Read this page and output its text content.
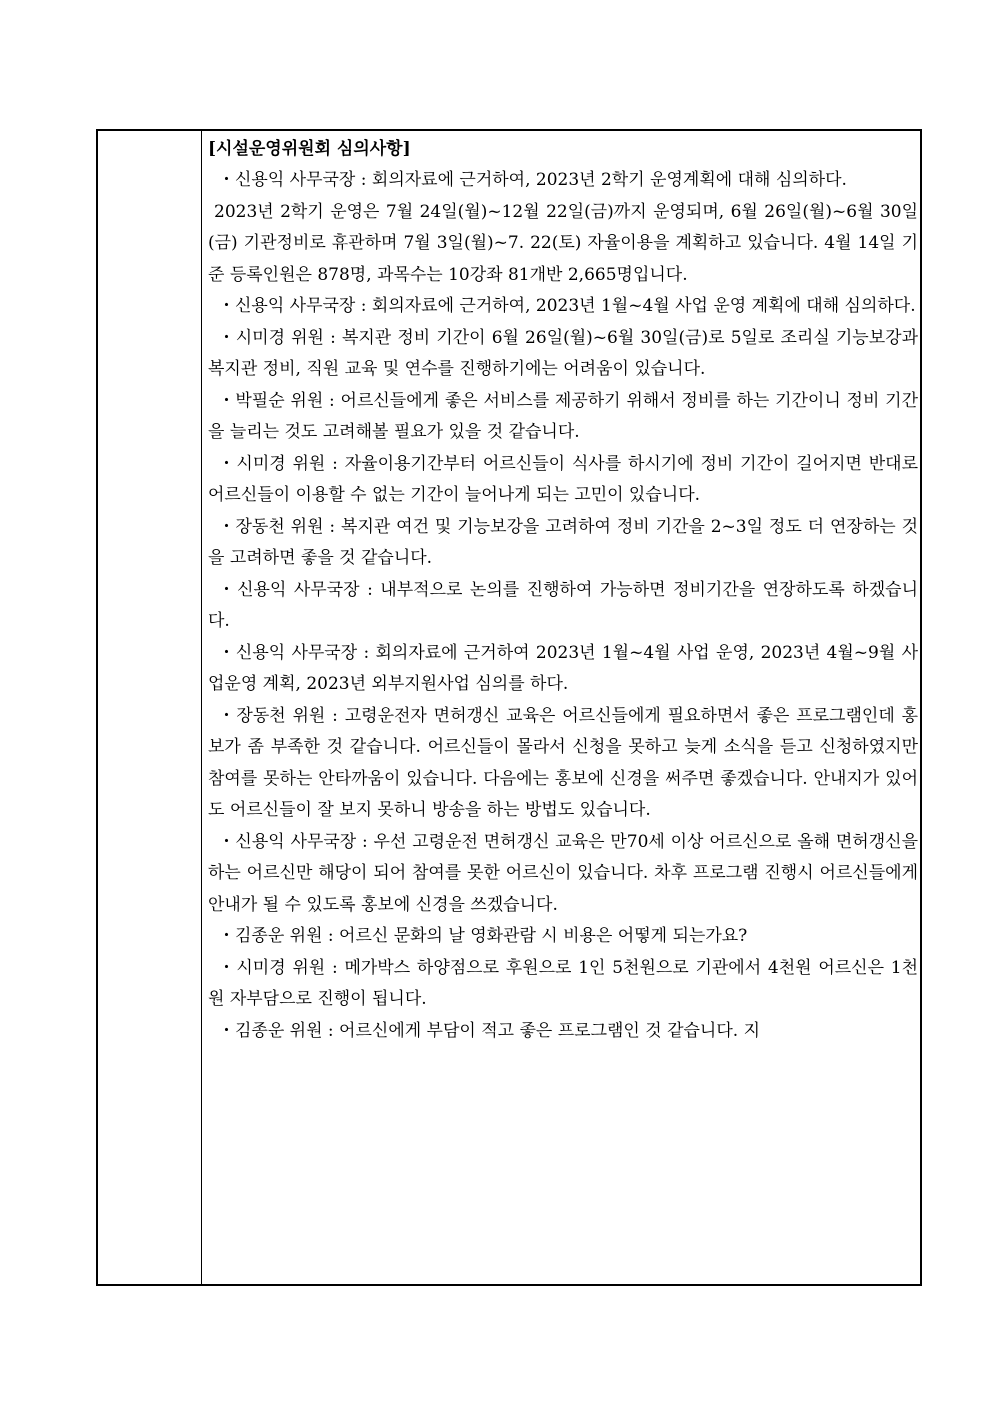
[시설운영위원회 심의사항]

・신용익 사무국장 : 회의자료에 근거하여, 2023년 2학기 운영계획에 대해 심의하다.

2023년 2학기 운영은 7월 24일(월)~12월 22일(금)까지 운영되며, 6월 26일(월)~6월 30일(금) 기관정비로 휴관하며 7월 3일(월)~7. 22(토) 자율이용을 계획하고 있습니다. 4월 14일 기준 등록인원은 878명, 과목수는 10강좌 81개반 2,665명입니다.

・신용익 사무국장 : 회의자료에 근거하여, 2023년 1월~4월 사업 운영 계획에 대해 심의하다.

・시미경 위원 : 복지관 정비 기간이 6월 26일(월)~6월 30일(금)로 5일로 조리실 기능보강과 복지관 정비, 직원 교육 및 연수를 진행하기에는 어려움이 있습니다.

・박필순 위원 : 어르신들에게 좋은 서비스를 제공하기 위해서 정비를 하는 기간이니 정비 기간을 늘리는 것도 고려해볼 필요가 있을 것 같습니다.

・시미경 위원 : 자율이용기간부터 어르신들이 식사를 하시기에 정비 기간이 길어지면 반대로 어르신들이 이용할 수 없는 기간이 늘어나게 되는 고민이 있습니다.

・장동천 위원 : 복지관 여건 및 기능보강을 고려하여 정비 기간을 2~3일 정도 더 연장하는 것을 고려하면 좋을 것 같습니다.

・신용익 사무국장 : 내부적으로 논의를 진행하여 가능하면 정비기간을 연장하도록 하겠습니다.

・신용익 사무국장 : 회의자료에 근거하여 2023년 1월~4월 사업 운영, 2023년 4월~9월 사업운영 계획, 2023년 외부지원사업 심의를 하다.

・장동천 위원 : 고령운전자 면허갱신 교육은 어르신들에게 필요하면서 좋은 프로그램인데 홍보가 좀 부족한 것 같습니다. 어르신들이 몰라서 신청을 못하고 늦게 소식을 듣고 신청하였지만 참여를 못하는 안타까움이 있습니다. 다음에는 홍보에 신경을 써주면 좋겠습니다. 안내지가 있어도 어르신들이 잘 보지 못하니 방송을 하는 방법도 있습니다.

・신용익 사무국장 : 우선 고령운전 면허갱신 교육은 만70세 이상 어르신으로 올해 면허갱신을 하는 어르신만 해당이 되어 참여를 못한 어르신이 있습니다. 차후 프로그램 진행시 어르신들에게 안내가 될 수 있도록 홍보에 신경을 쓰겠습니다.

・김종운 위원 : 어르신 문화의 날 영화관람 시 비용은 어떻게 되는가요?

・시미경 위원 : 메가박스 하양점으로 후원으로 1인 5천원으로 기관에서 4천원 어르신은 1천원 자부담으로 진행이 됩니다.

・김종운 위원 : 어르신에게 부담이 적고 좋은 프로그램인 것 같습니다. 지
